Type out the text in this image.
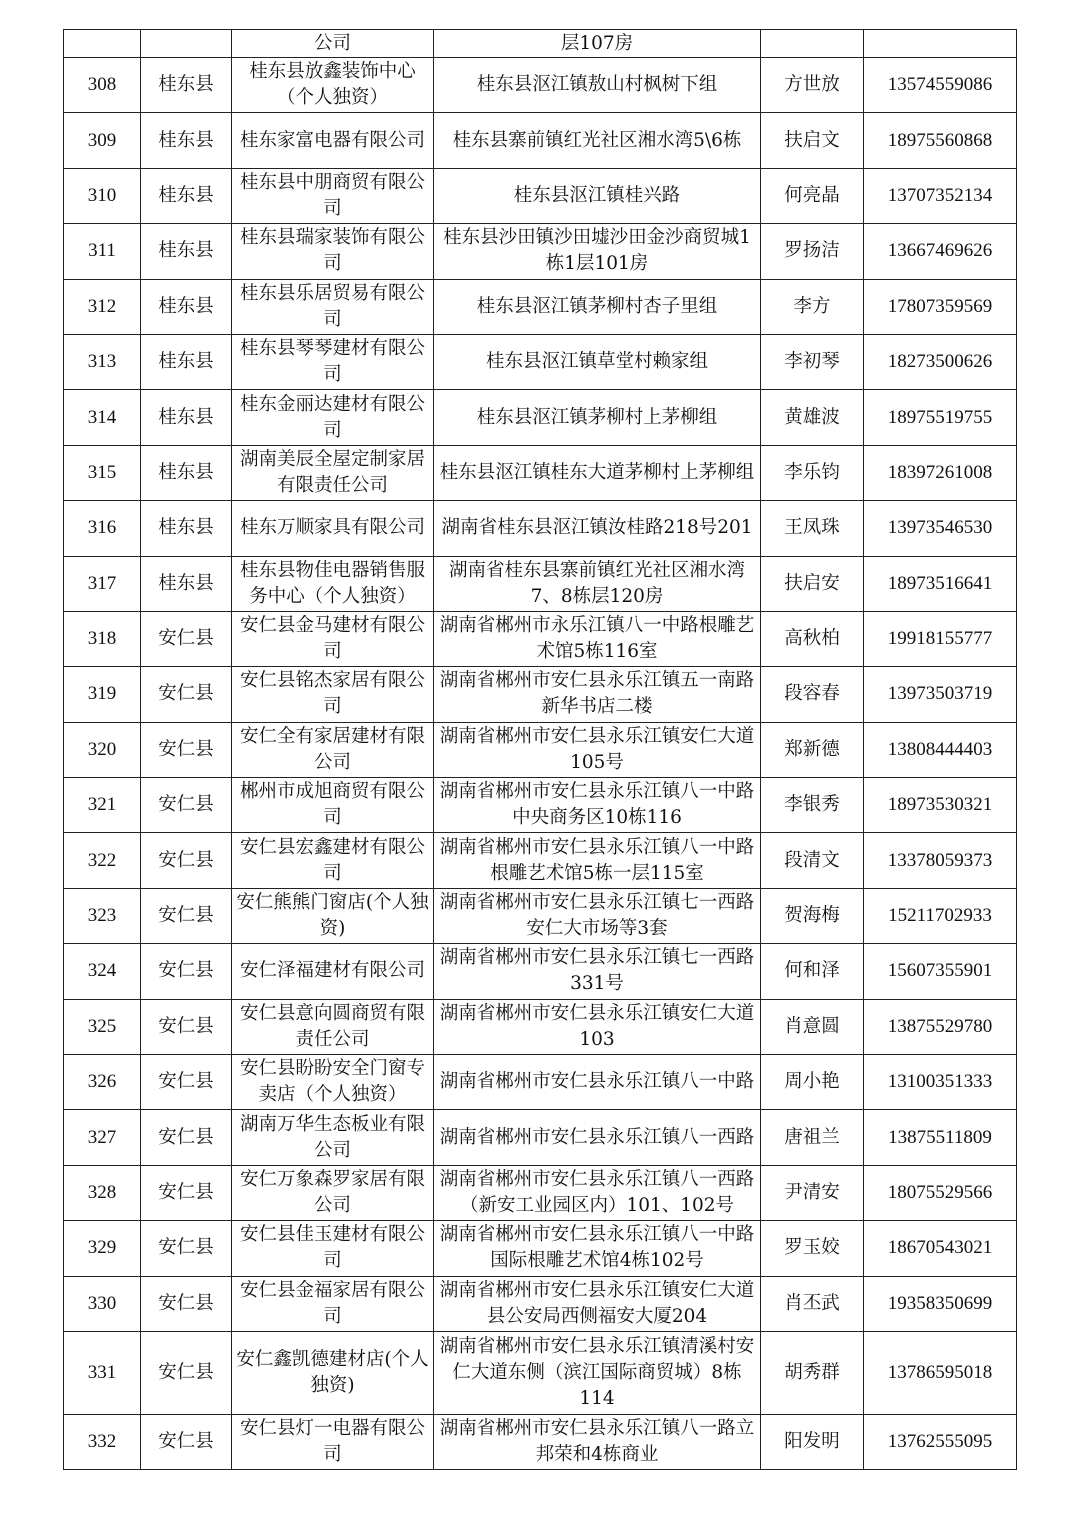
		公司	层107房		
308	桂东县	桂东县放鑫装饰中心（个人独资）	桂东县沤江镇敖山村枫树下组	方世放	13574559086
309	桂东县	桂东家富电器有限公司	桂东县寨前镇红光社区湘水湾5\6栋	扶启文	18975560868
310	桂东县	桂东县中朋商贸有限公司	桂东县沤江镇桂兴路	何亮晶	13707352134
311	桂东县	桂东县瑞家装饰有限公司	桂东县沙田镇沙田墟沙田金沙商贸城1栋1层101房	罗扬洁	13667469626
312	桂东县	桂东县乐居贸易有限公司	桂东县沤江镇茅柳村杏子里组	李方	17807359569
313	桂东县	桂东县琴琴建材有限公司	桂东县沤江镇草堂村赖家组	李初琴	18273500626
314	桂东县	桂东金丽达建材有限公司	桂东县沤江镇茅柳村上茅柳组	黄雄波	18975519755
315	桂东县	湖南美辰全屋定制家居有限责任公司	桂东县沤江镇桂东大道茅柳村上茅柳组	李乐钧	18397261008
316	桂东县	桂东万顺家具有限公司	湖南省桂东县沤江镇汝桂路218号201	王凤珠	13973546530
317	桂东县	桂东县物佳电器销售服务中心（个人独资）	湖南省桂东县寨前镇红光社区湘水湾7、8栋层120房	扶启安	18973516641
318	安仁县	安仁县金马建材有限公司	湖南省郴州市永乐江镇八一中路根雕艺术馆5栋116室	高秋柏	19918155777
319	安仁县	安仁县铭杰家居有限公司	湖南省郴州市安仁县永乐江镇五一南路新华书店二楼	段容春	13973503719
320	安仁县	安仁全有家居建材有限公司	湖南省郴州市安仁县永乐江镇安仁大道105号	郑新德	13808444403
321	安仁县	郴州市成旭商贸有限公司	湖南省郴州市安仁县永乐江镇八一中路中央商务区10栋116	李银秀	18973530321
322	安仁县	安仁县宏鑫建材有限公司	湖南省郴州市安仁县永乐江镇八一中路根雕艺术馆5栋一层115室	段清文	13378059373
323	安仁县	安仁熊熊门窗店(个人独资)	湖南省郴州市安仁县永乐江镇七一西路安仁大市场等3套	贺海梅	15211702933
324	安仁县	安仁泽福建材有限公司	湖南省郴州市安仁县永乐江镇七一西路331号	何和泽	15607355901
325	安仁县	安仁县意向圆商贸有限责任公司	湖南省郴州市安仁县永乐江镇安仁大道103	肖意圆	13875529780
326	安仁县	安仁县盼盼安全门窗专卖店（个人独资）	湖南省郴州市安仁县永乐江镇八一中路	周小艳	13100351333
327	安仁县	湖南万华生态板业有限公司	湖南省郴州市安仁县永乐江镇八一西路	唐祖兰	13875511809
328	安仁县	安仁万象森罗家居有限公司	湖南省郴州市安仁县永乐江镇八一西路（新安工业园区内）101、102号	尹清安	18075529566
329	安仁县	安仁县佳玉建材有限公司	湖南省郴州市安仁县永乐江镇八一中路国际根雕艺术馆4栋102号	罗玉姣	18670543021
330	安仁县	安仁县金福家居有限公司	湖南省郴州市安仁县永乐江镇安仁大道县公安局西侧福安大厦204	肖丕武	19358350699
331	安仁县	安仁鑫凯德建材店(个人独资)	湖南省郴州市安仁县永乐江镇清溪村安仁大道东侧（滨江国际商贸城）8栋114	胡秀群	13786595018
332	安仁县	安仁县灯一电器有限公司	湖南省郴州市安仁县永乐江镇八一路立邦荣和4栋商业	阳发明	13762555095
